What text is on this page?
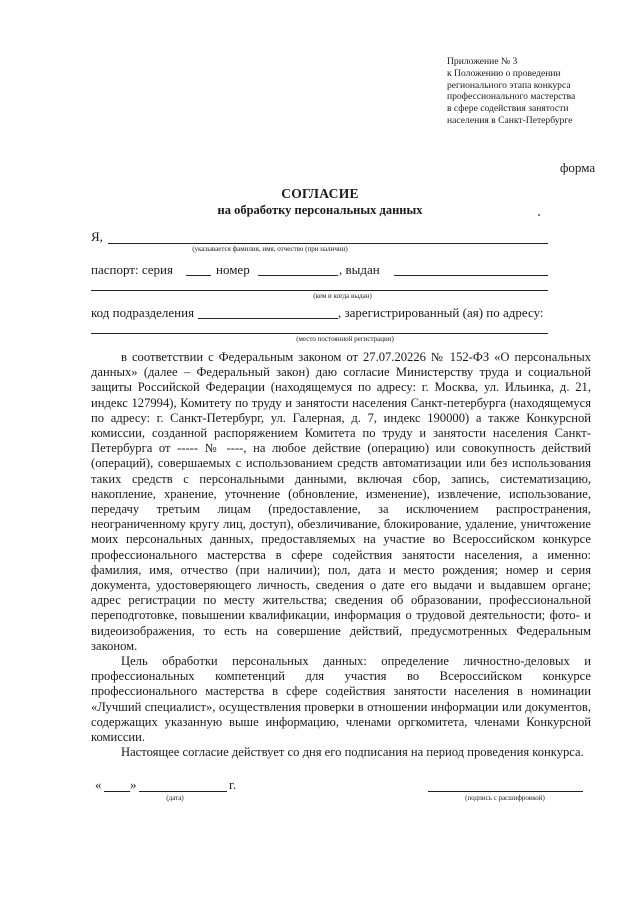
Приложение № 3
к Положению о проведении
регионального этапа конкурса
профессионального мастерства
в сфере содействия занятости
населения в Санкт-Петербурге
форма
СОГЛАСИЕ
на обработку персональных данных
Я,
(указывается фамилия, имя, отчество (при наличии)
паспорт: серия	номер	, выдан
(кем и когда выдан)
код подразделения	, зарегистрированный (ая) по адресу:
(место постоянной регистрации)

в соответствии с Федеральным законом от 27.07.20226 № 152-ФЗ «О персональных данных» (далее – Федеральный закон) даю согласие Министерству труда и социальной защиты Российской Федерации (находящемуся по адресу: г. Москва, ул. Ильинка, д. 21, индекс 127994), Комитету по труду и занятости населения Санкт-петербурга (находящемуся по адресу: г. Санкт-Петербург, ул. Галерная, д. 7, индекс 190000) а также Конкурсной комиссии, созданной распоряжением Комитета по труду и занятости населения Санкт-Петербурга от ----- № ----, на любое действие (операцию) или совокупность действий (операций), совершаемых с использованием средств автоматизации или без использования таких средств с персональными данными, включая сбор, запись, систематизацию, накопление, хранение, уточнение (обновление, изменение), извлечение, использование, передачу третьим лицам (предоставление, за исключением распространения, неограниченному кругу лиц, доступ), обезличивание, блокирование, удаление, уничтожение моих персональных данных, предоставляемых на участие во Всероссийском конкурсе профессионального мастерства в сфере содействия занятости населения, а именно: фамилия, имя, отчество (при наличии); пол, дата и место рождения; номер и серия документа, удостоверяющего личность, сведения о дате его выдачи и выдавшем органе; адрес регистрации по месту жительства; сведения об образовании, профессиональной переподготовке, повышении квалификации, информация о трудовой деятельности; фото- и видеоизображения, то есть на совершение действий, предусмотренных Федеральным законом.

Цель обработки персональных данных: определение личностно-деловых и профессиональных компетенций для участия во Всероссийском конкурсе профессионального мастерства в сфере содействия занятости населения в номинации «Лучший специалист», осуществления проверки в отношении информации или документов, содержащих указанную выше информацию, членами оргкомитета, членами Конкурсной комиссии.

Настоящее согласие действует со дня его подписания на период проведения конкурса.

« »	г.
(дата)	(подпись с расшифровкой)
